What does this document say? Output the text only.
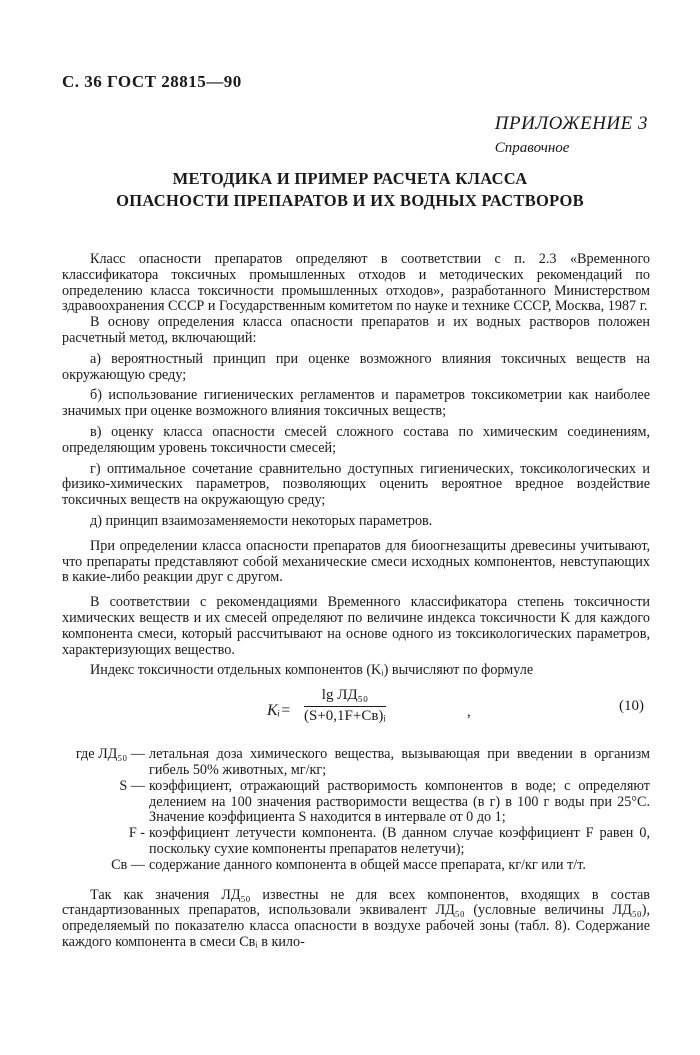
С. 36 ГОСТ 28815—90
ПРИЛОЖЕНИЕ 3
Справочное
МЕТОДИКА И ПРИМЕР РАСЧЕТА КЛАССА
ОПАСНОСТИ ПРЕПАРАТОВ И ИХ ВОДНЫХ РАСТВОРОВ

Класс опасности препаратов определяют в соответствии с п. 2.3 «Временного классификатора токсичных промышленных отходов и методических рекомендаций по определению класса токсичности промышленных отходов», разработанного Министерством здравоохранения СССР и Государственным комитетом по науке и технике СССР, Москва, 1987 г.

В основу определения класса опасности препаратов и их водных растворов положен расчетный метод, включающий:

а) вероятностный принцип при оценке возможного влияния токсичных веществ на окружающую среду;

б) использование гигиенических регламентов и параметров токсикометрии как наиболее значимых при оценке возможного влияния токсичных веществ;

в) оценку класса опасности смесей сложного состава по химическим соединениям, определяющим уровень токсичности смесей;

г) оптимальное сочетание сравнительно доступных гигиенических, токсикологических и физико-химических параметров, позволяющих оценить вероятное вредное воздействие токсичных веществ на окружающую среду;

д) принцип взаимозаменяемости некоторых параметров.

При определении класса опасности препаратов для биоогнезащиты древесины учитывают, что препараты представляют собой механические смеси исходных компонентов, невступающих в какие-либо реакции друг с другом.

В соответствии с рекомендациями Временного классификатора степень токсичности химических веществ и их смесей определяют по величине индекса токсичности K для каждого компонента смеси, который рассчитывают на основе одного из токсикологических параметров, характеризующих вещество.

Индекс токсичности отдельных компонентов (Kᵢ) вычисляют по формуле

Kᵢ=
lg ЛД₅₀
(S+0,1F+Cв)ᵢ	,	(10)
где ЛД₅₀ — летальная доза химического вещества, вызывающая при введении в организм гибель 50% животных, мг/кг;
S — коэффициент, отражающий растворимость компонентов в воде; с определяют делением на 100 значения растворимости вещества (в г) в 100 г воды при 25°С. Значение коэффициента S находится в интервале от 0 до 1;
F - коэффициент летучести компонента. (В данном случае коэффициент F равен 0, поскольку сухие компоненты препаратов нелетучи);
Cв — содержание данного компонента в общей массе препарата, кг/кг или т/т.

Так как значения ЛД₅₀ известны не для всех компонентов, входящих в состав стандартизованных препаратов, использовали эквивалент ЛД₅₀ (условные величины ЛД₅₀), определяемый по показателю класса опасности в воздухе рабочей зоны (табл. 8). Содержание каждого компонента в смеси Cвᵢ в кило-
